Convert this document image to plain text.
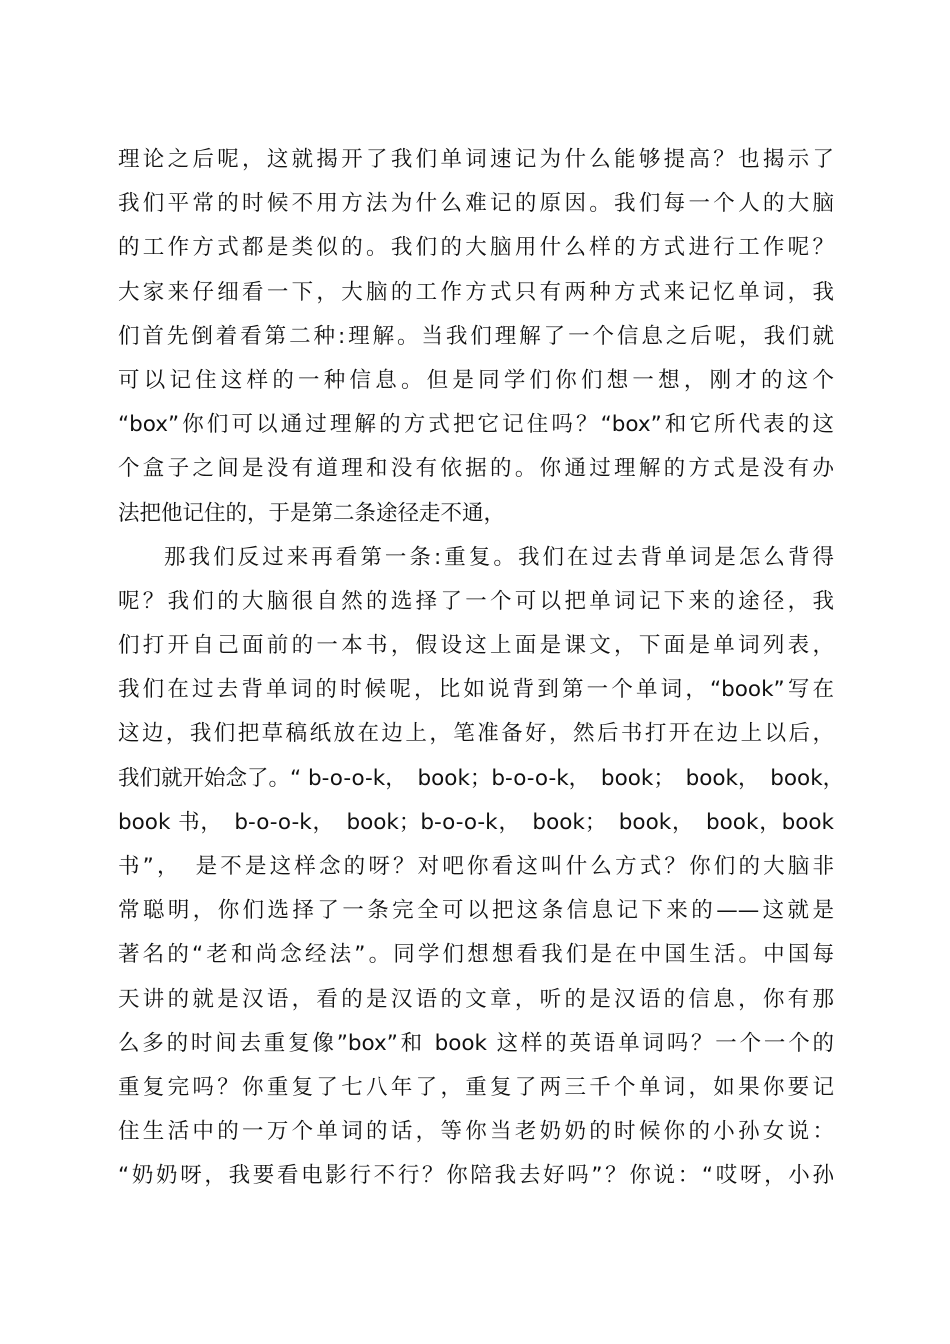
理论之后呢，这就揭开了我们单词速记为什么能够提高？也揭示了
我们平常的时候不用方法为什么难记的原因。我们每一个人的大脑
的工作方式都是类似的。我们的大脑用什么样的方式进行工作呢？
大家来仔细看一下，大脑的工作方式只有两种方式来记忆单词，我
们首先倒着看第二种:理解。当我们理解了一个信息之后呢，我们就
可以记住这样的一种信息。但是同学们你们想一想，刚才的这个
“box”你们可以通过理解的方式把它记住吗？“box”和它所代表的这
个盒子之间是没有道理和没有依据的。你通过理解的方式是没有办
法把他记住的，于是第二条途径走不通，
那我们反过来再看第一条:重复。我们在过去背单词是怎么背得
呢？我们的大脑很自然的选择了一个可以把单词记下来的途径，我
们打开自己面前的一本书，假设这上面是课文，下面是单词列表，
我们在过去背单词的时候呢，比如说背到第一个单词，“book”写在
这边，我们把草稿纸放在边上，笔准备好，然后书打开在边上以后，
我们就开始念了。“ b-o-o-k，　book；b-o-o-k，　book；　book，　book，
book 书，　b-o-o-k，　book；b-o-o-k，　book；　book，　book，book
书”，　是不是这样念的呀？对吧你看这叫什么方式？你们的大脑非
常聪明，你们选择了一条完全可以把这条信息记下来的——这就是
著名的“老和尚念经法”。同学们想想看我们是在中国生活。中国每
天讲的就是汉语，看的是汉语的文章，听的是汉语的信息，你有那
么多的时间去重复像”box”和 book 这样的英语单词吗？一个一个的
重复完吗？你重复了七八年了，重复了两三千个单词，如果你要记
住生活中的一万个单词的话，等你当老奶奶的时候你的小孙女说：
“奶奶呀，我要看电影行不行？你陪我去好吗”？你说：“哎呀，小孙
